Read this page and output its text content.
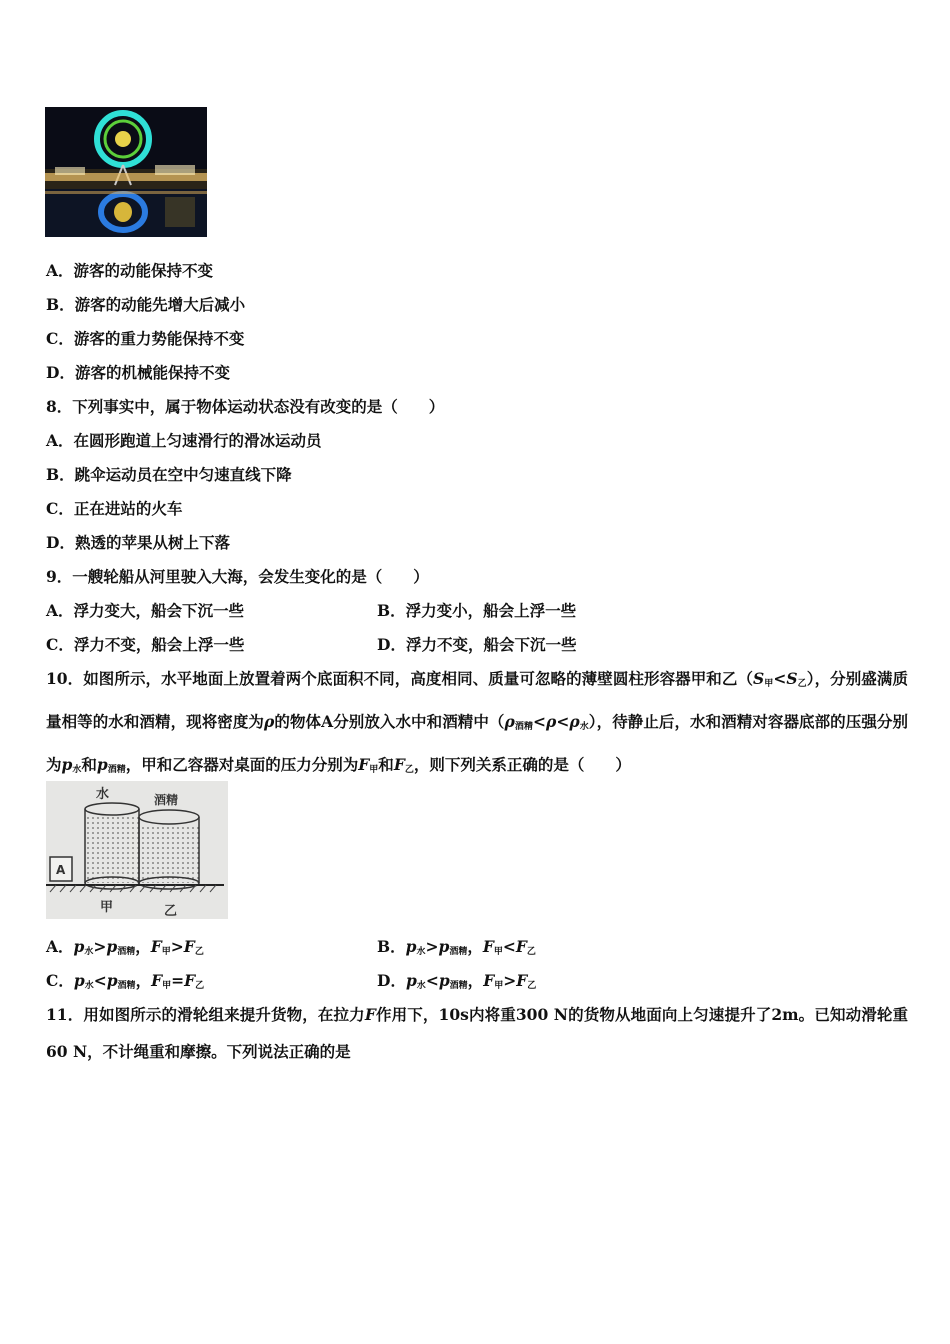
A．游客的动能保持不变
B．游客的动能先增大后减小
C．游客的重力势能保持不变
D．游客的机械能保持不变
8．下列事实中，属于物体运动状态没有改变的是（　　）
A．在圆形跑道上匀速滑行的滑冰运动员
B．跳伞运动员在空中匀速直线下降
C．正在进站的火车
D．熟透的苹果从树上下落
9．一艘轮船从河里驶入大海，会发生变化的是（　　）
A．浮力变大，船会下沉一些	B．浮力变小，船会上浮一些
C．浮力不变，船会上浮一些	D．浮力不变，船会下沉一些
10．如图所示，水平地面上放置着两个底面积不同，高度相同、质量可忽略的薄壁圆柱形容器甲和乙$(S_甲<S_乙)$，分别盛满质量相等的水和酒精，现将密度为ρ的物体A分别放入水中和酒精中$(\rho_{酒精}<\rho<\rho_水)$，待静止后，水和酒精对容器底部的压强分别为$p_水$和$p_{酒精}$，甲和乙容器对桌面的压力分别为$F_甲$和$F_乙$，则下列关系正确的是（　　）
水	酒精
A
甲	乙
A．$p_水>p_{酒精}$，$F_甲>F_乙$	B．$p_水>p_{酒精}$，$F_甲<F_乙$
C．$p_水<p_{酒精}$，$F_甲=F_乙$	D．$p_水<p_{酒精}$，$F_甲>F_乙$
11．用如图所示的滑轮组来提升货物，在拉力F作用下，10s内将重300 N的货物从地面向上匀速提升了2m。已知动滑轮重60 N，不计绳重和摩擦。下列说法正确的是
